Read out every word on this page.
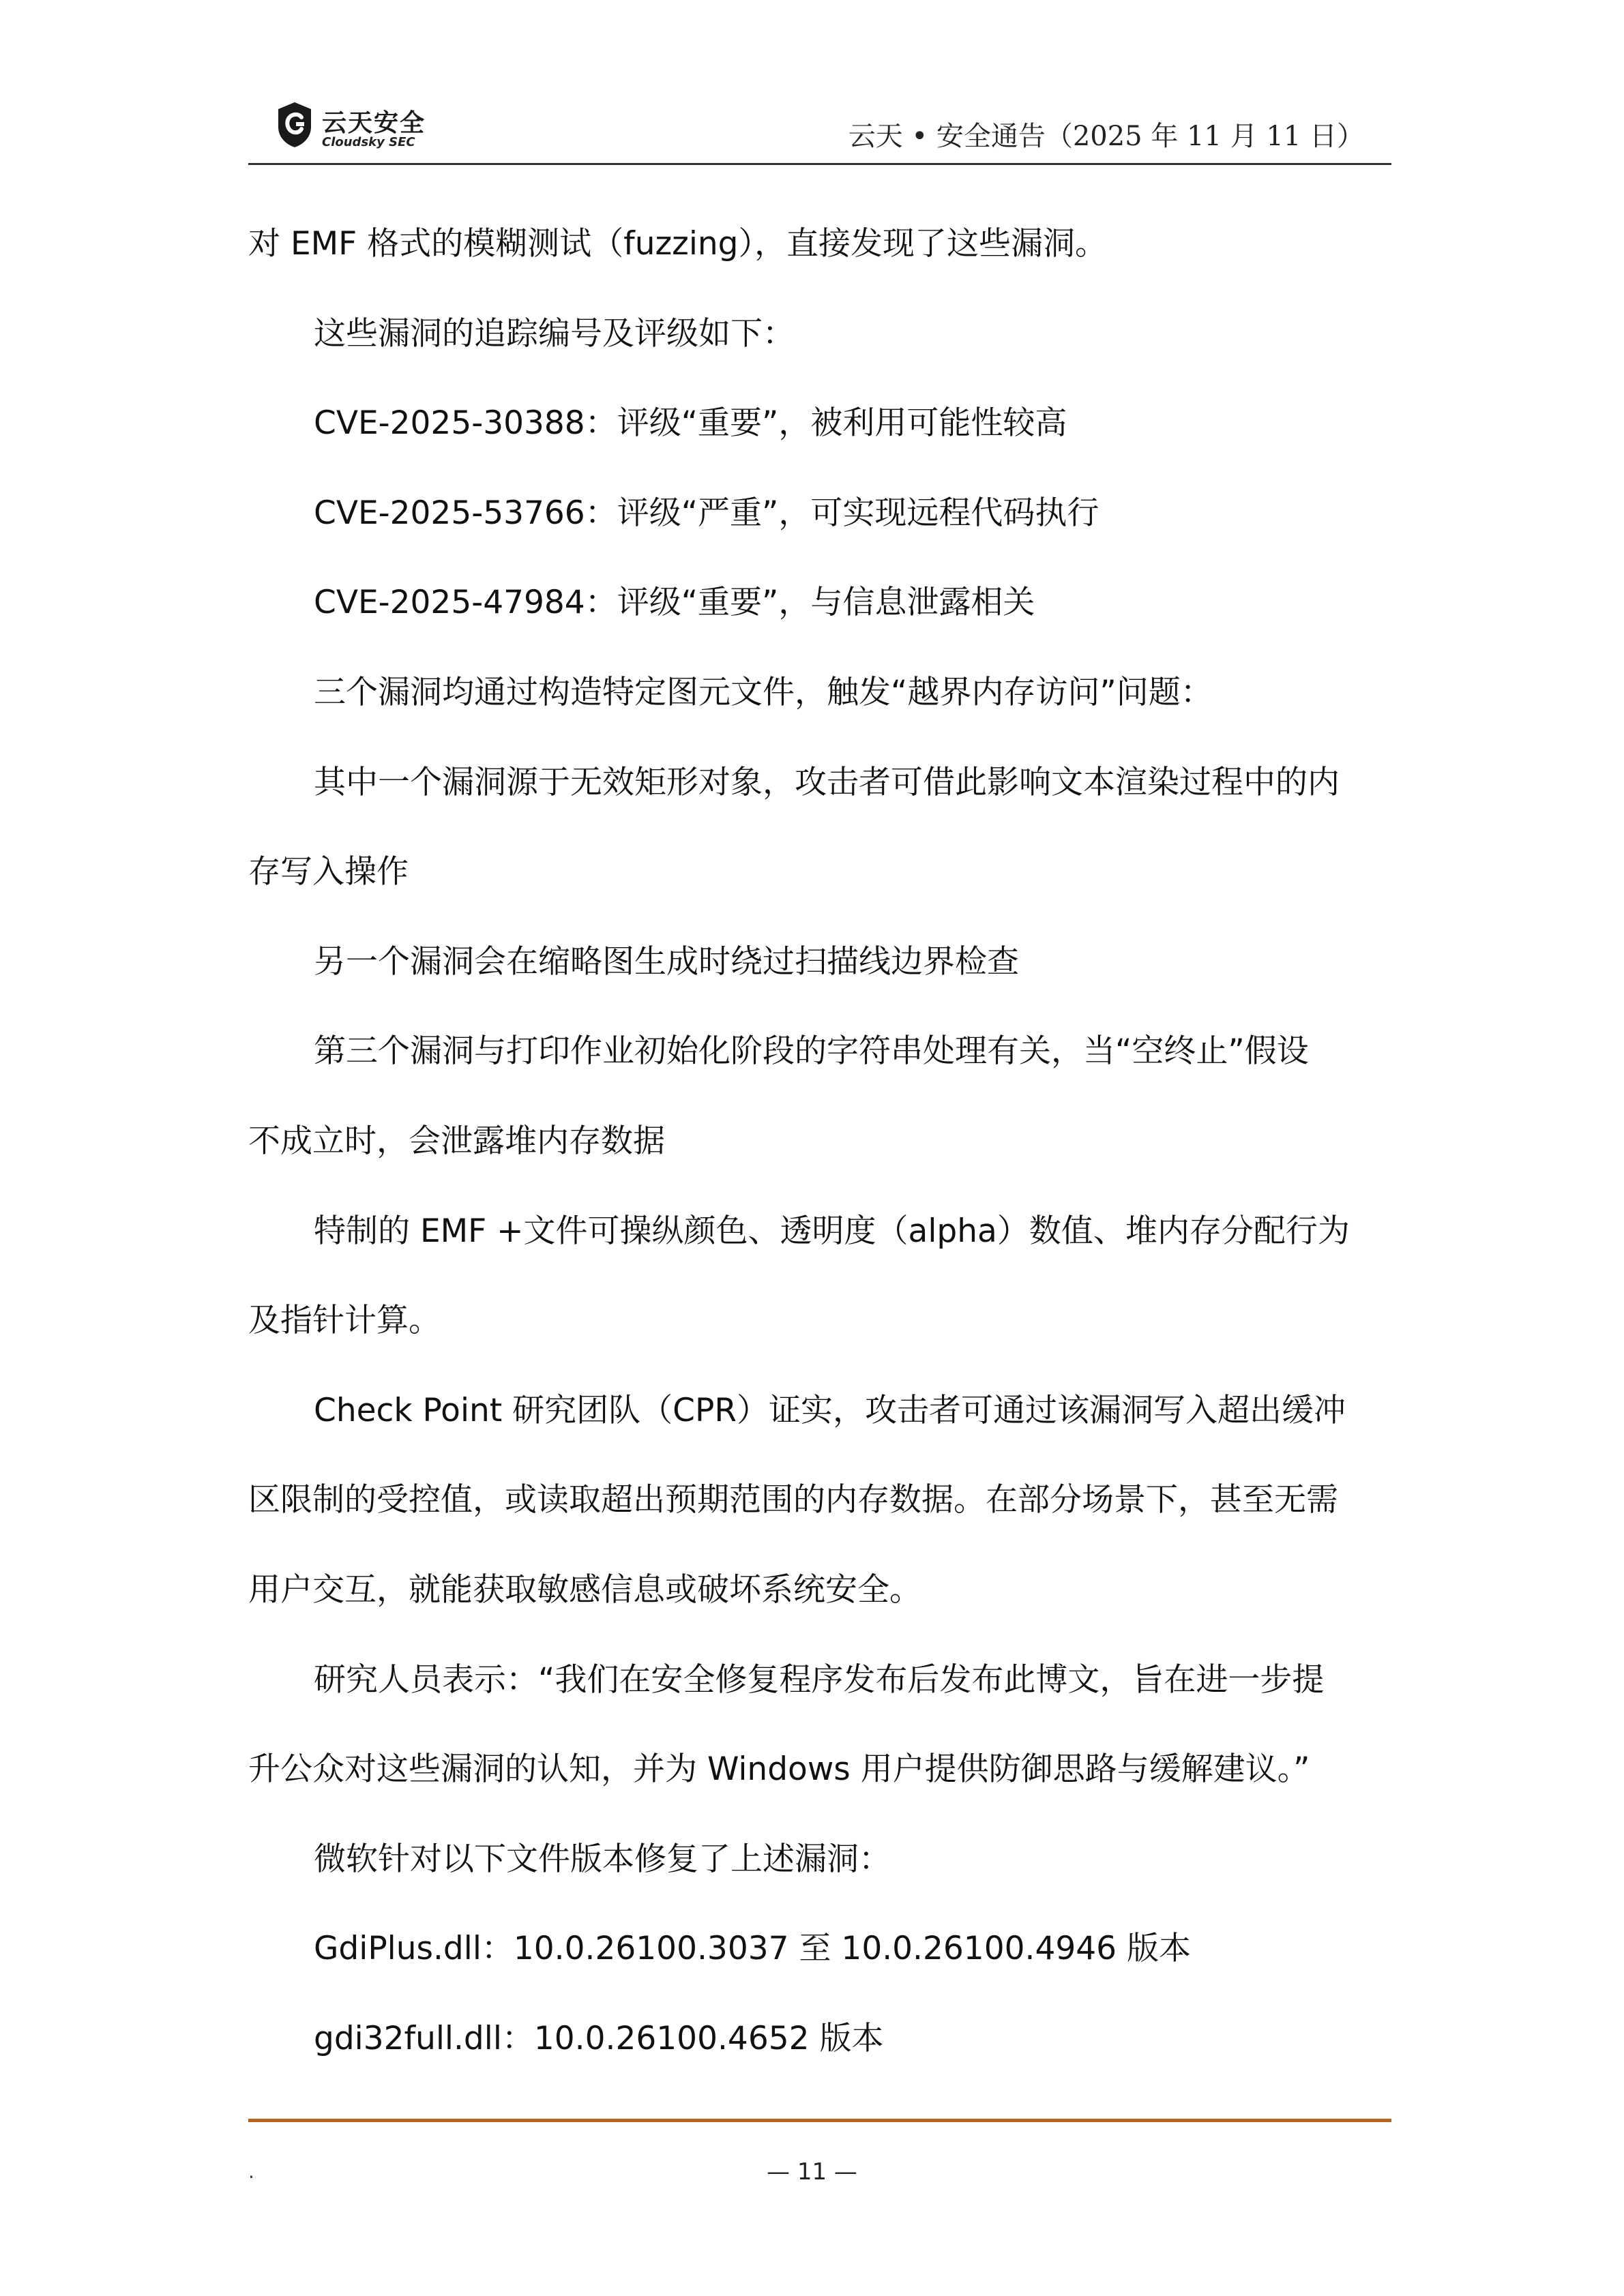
云天安全
Cloudsky SEC	云天 • 安全通告（2025 年 11 月 11 日）

对 EMF 格式的模糊测试（fuzzing），直接发现了这些漏洞。

这些漏洞的追踪编号及评级如下：

CVE-2025-30388：评级“重要”，被利用可能性较高

CVE-2025-53766：评级“严重”，可实现远程代码执行

CVE-2025-47984：评级“重要”，与信息泄露相关

三个漏洞均通过构造特定图元文件，触发“越界内存访问”问题：

其中一个漏洞源于无效矩形对象，攻击者可借此影响文本渲染过程中的内

存写入操作

另一个漏洞会在缩略图生成时绕过扫描线边界检查

第三个漏洞与打印作业初始化阶段的字符串处理有关，当“空终止”假设

不成立时，会泄露堆内存数据

特制的 EMF +文件可操纵颜色、透明度（alpha）数值、堆内存分配行为

及指针计算。

Check Point 研究团队（CPR）证实，攻击者可通过该漏洞写入超出缓冲

区限制的受控值，或读取超出预期范围的内存数据。在部分场景下，甚至无需

用户交互，就能获取敏感信息或破坏系统安全。

研究人员表示：“我们在安全修复程序发布后发布此博文，旨在进一步提

升公众对这些漏洞的认知，并为 Windows 用户提供防御思路与缓解建议。”

微软针对以下文件版本修复了上述漏洞：

GdiPlus.dll：10.0.26100.3037 至 10.0.26100.4946 版本

gdi32full.dll：10.0.26100.4652 版本

.	— 11 —
